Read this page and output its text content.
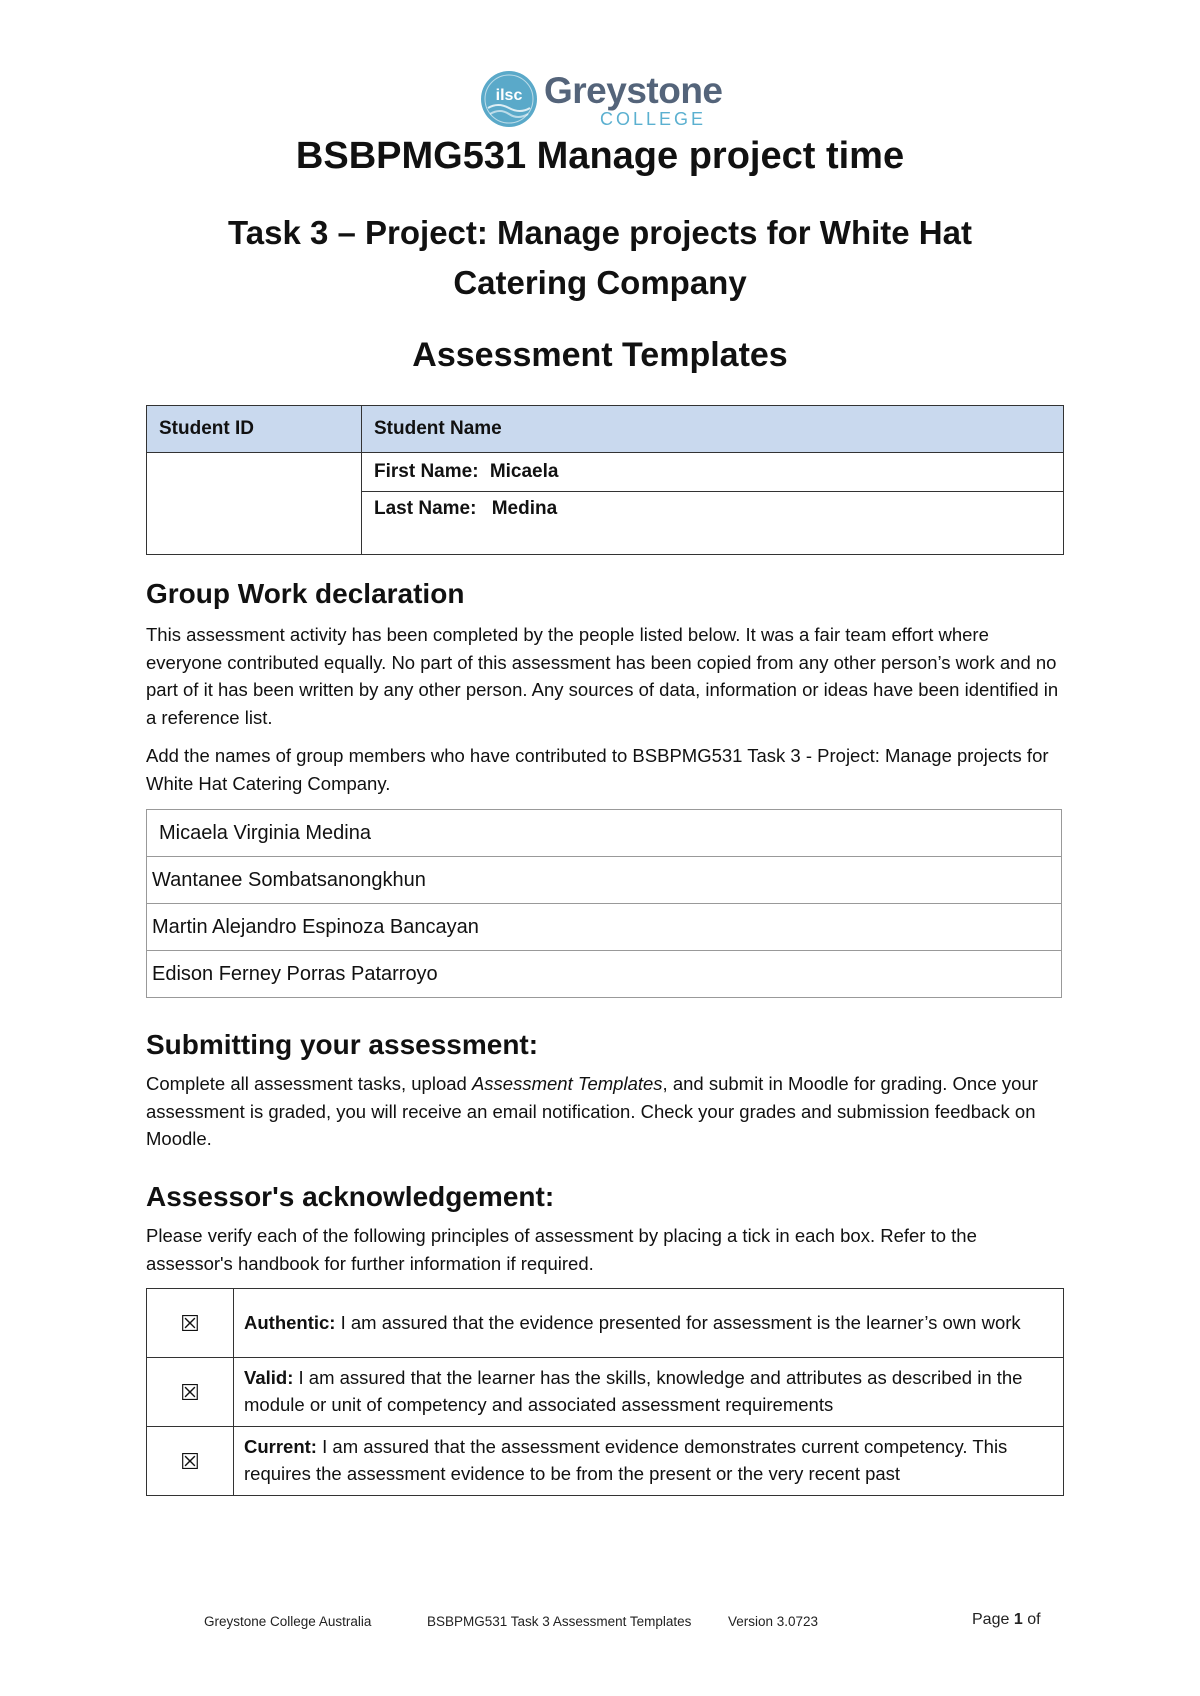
ilsc Greystone
COLLEGE
BSBPMG531 Manage project time
Task 3 – Project: Manage projects for White Hat
Catering Company
Assessment Templates
Student ID	Student Name
	First Name: Micaela
	Last Name: Medina
Group Work declaration
This assessment activity has been completed by the people listed below. It was a fair team effort where everyone contributed equally. No part of this assessment has been copied from any other person’s work and no part of it has been written by any other person. Any sources of data, information or ideas have been identified in a reference list.
Add the names of group members who have contributed to BSBPMG531 Task 3 - Project: Manage projects for White Hat Catering Company.
Micaela Virginia Medina
Wantanee Sombatsanongkhun
Martin Alejandro Espinoza Bancayan
Edison Ferney Porras Patarroyo
Submitting your assessment:
Complete all assessment tasks, upload Assessment Templates, and submit in Moodle for grading. Once your assessment is graded, you will receive an email notification. Check your grades and submission feedback on Moodle.
Assessor's acknowledgement:
Please verify each of the following principles of assessment by placing a tick in each box. Refer to the assessor's handbook for further information if required.
☒	Authentic: I am assured that the evidence presented for assessment is the learner’s own work
☒	Valid: I am assured that the learner has the skills, knowledge and attributes as described in the module or unit of competency and associated assessment requirements
☒	Current: I am assured that the assessment evidence demonstrates current competency. This requires the assessment evidence to be from the present or the very recent past
Greystone College Australia	BSBPMG531 Task 3 Assessment Templates	Version 3.0723	Page 1 of
